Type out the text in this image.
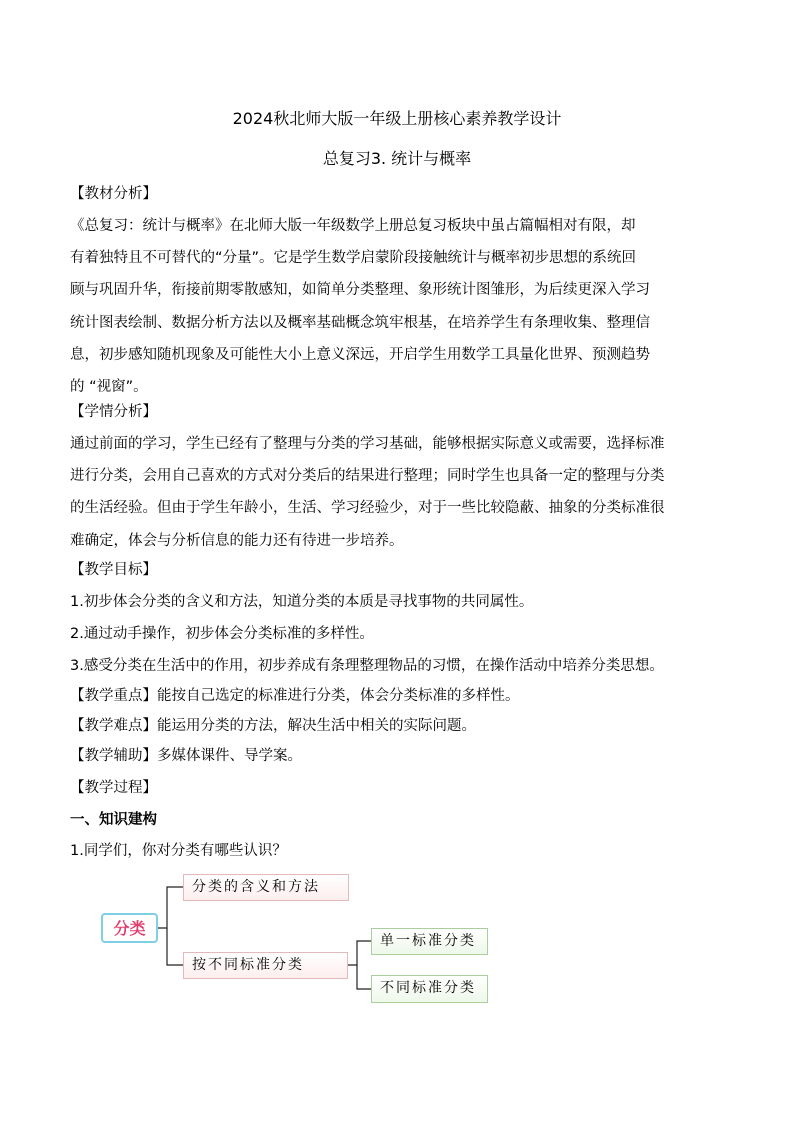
2024秋北师大版一年级上册核心素养教学设计
总复习3. 统计与概率
【教材分析】

《总复习：统计与概率》在北师大版一年级数学上册总复习板块中虽占篇幅相对有限，却

有着独特且不可替代的“分量”。它是学生数学启蒙阶段接触统计与概率初步思想的系统回

顾与巩固升华，衔接前期零散感知，如简单分类整理、象形统计图雏形，为后续更深入学习

统计图表绘制、数据分析方法以及概率基础概念筑牢根基，在培养学生有条理收集、整理信

息，初步感知随机现象及可能性大小上意义深远，开启学生用数学工具量化世界、预测趋势

的 “视窗”。

【学情分析】

通过前面的学习，学生已经有了整理与分类的学习基础，能够根据实际意义或需要，选择标准

进行分类，会用自己喜欢的方式对分类后的结果进行整理；同时学生也具备一定的整理与分类

的生活经验。但由于学生年龄小，生活、学习经验少，对于一些比较隐蔽、抽象的分类标准很

难确定，体会与分析信息的能力还有待进一步培养。

【教学目标】

1.初步体会分类的含义和方法，知道分类的本质是寻找事物的共同属性。

2.通过动手操作，初步体会分类标准的多样性。

3.感受分类在生活中的作用，初步养成有条理整理物品的习惯，在操作活动中培养分类思想。

【教学重点】能按自己选定的标准进行分类，体会分类标准的多样性。
【教学难点】能运用分类的方法，解决生活中相关的实际问题。
【教学辅助】多媒体课件、导学案。
【教学过程】
一、知识建构
1.同学们，你对分类有哪些认识？
分类
分类的含义和方法
按不同标准分类
单一标准分类
不同标准分类
